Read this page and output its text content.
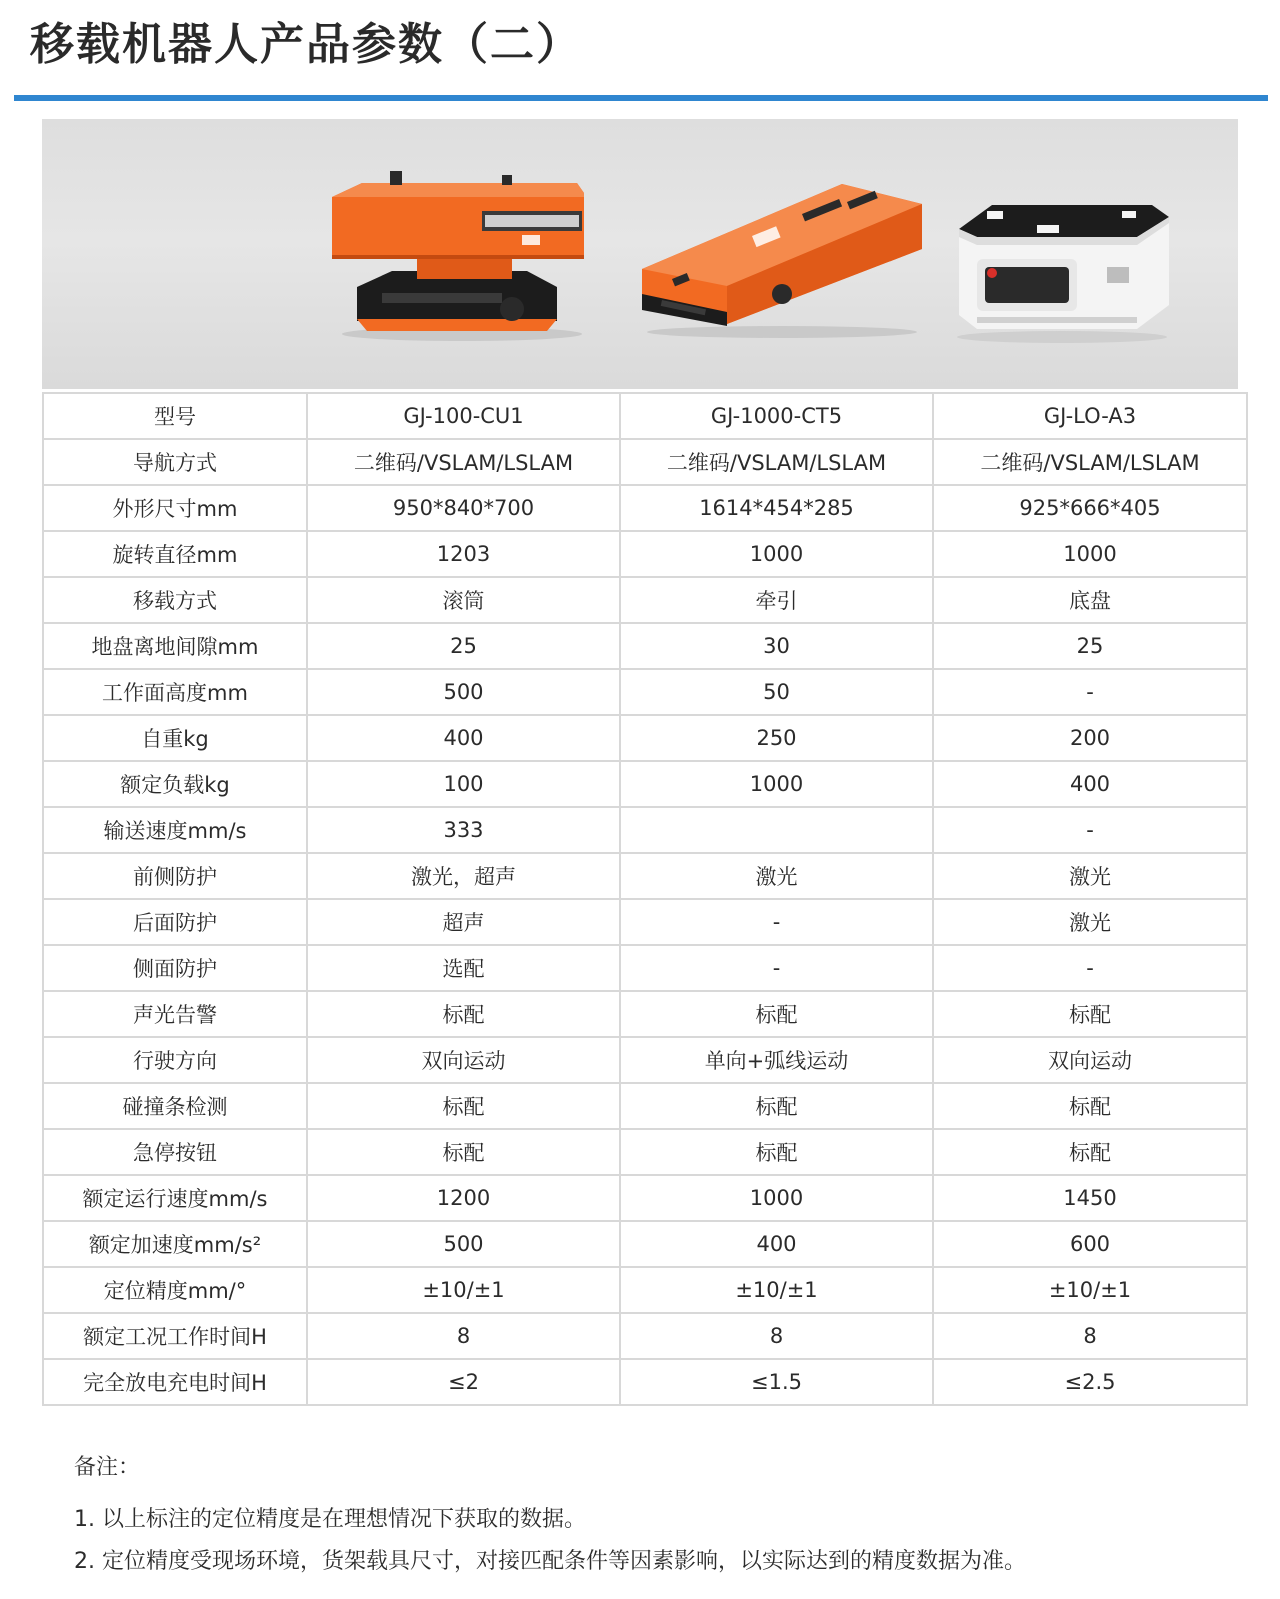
移载机器人产品参数（二）
型号	GJ-100-CU1	GJ-1000-CT5	GJ-LO-A3
导航方式	二维码/VSLAM/LSLAM	二维码/VSLAM/LSLAM	二维码/VSLAM/LSLAM
外形尺寸mm	950*840*700	1614*454*285	925*666*405
旋转直径mm	1203	1000	1000
移载方式	滚筒	牵引	底盘
地盘离地间隙mm	25	30	25
工作面高度mm	500	50	-
自重kg	400	250	200
额定负载kg	100	1000	400
输送速度mm/s	333		-
前侧防护	激光，超声	激光	激光
后面防护	超声	-	激光
侧面防护	选配	-	-
声光告警	标配	标配	标配
行驶方向	双向运动	单向+弧线运动	双向运动
碰撞条检测	标配	标配	标配
急停按钮	标配	标配	标配
额定运行速度mm/s	1200	1000	1450
额定加速度mm/s²	500	400	600
定位精度mm/°	±10/±1	±10/±1	±10/±1
额定工况工作时间H	8	8	8
完全放电充电时间H	≤2	≤1.5	≤2.5
备注：
1. 以上标注的定位精度是在理想情况下获取的数据。
2. 定位精度受现场环境，货架载具尺寸，对接匹配条件等因素影响，以实际达到的精度数据为准。
